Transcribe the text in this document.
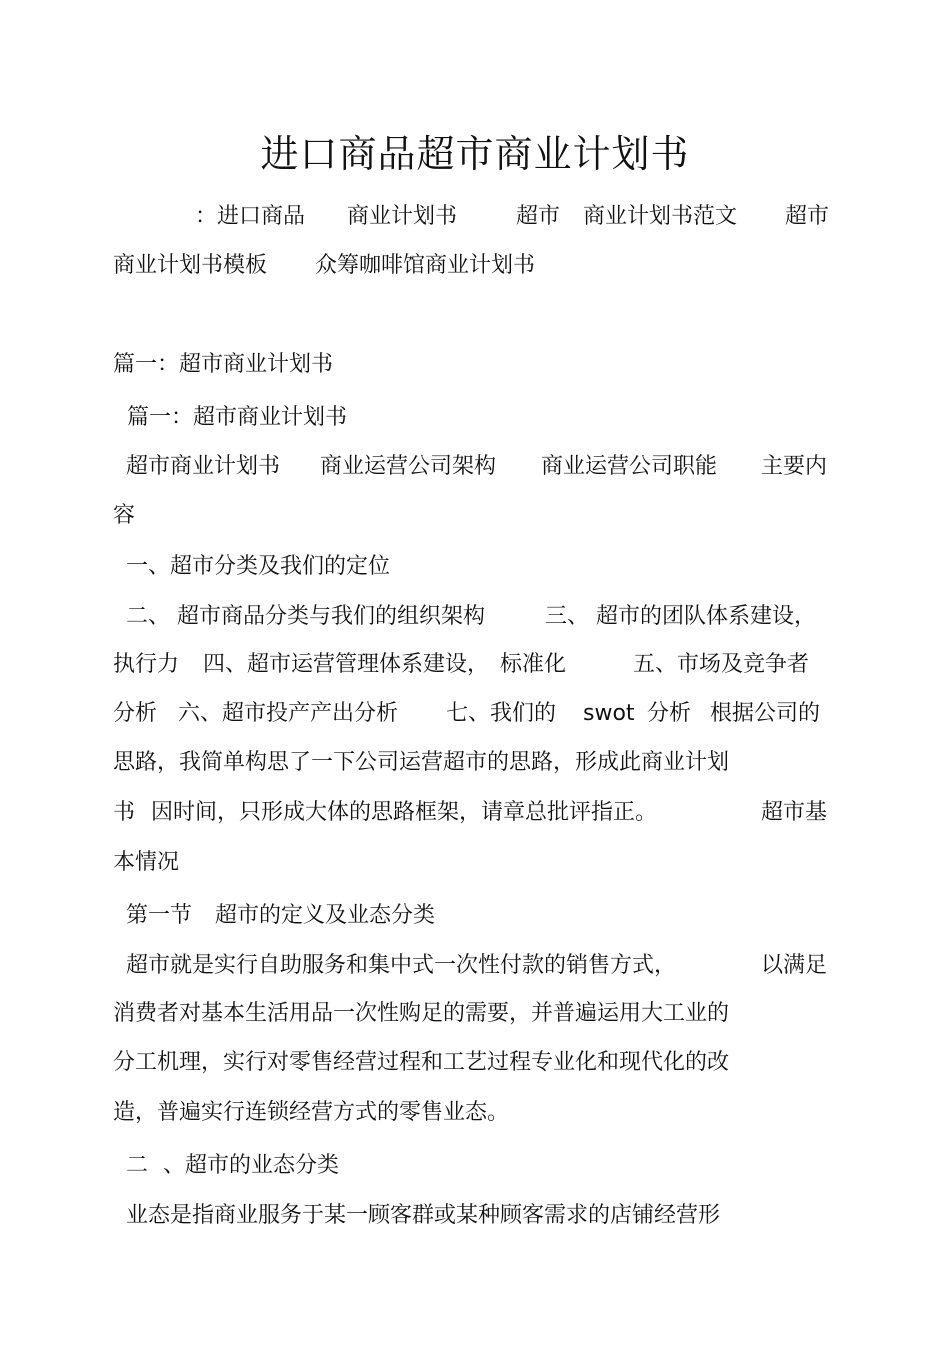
进口商品超市商业计划书
：进口商品 商业计划书	超市 商业计划书范文 超市
商业计划书模板 众筹咖啡馆商业计划书
篇一：超市商业计划书
篇一：超市商业计划书
超市商业计划书 商业运营公司架构 商业运营公司职能 主要内
容
一、超市分类及我们的定位
二、 超市商品分类与我们的组织架构	三、 超市的团队体系建设，
执行力 四、超市运营管理体系建设， 标准化	五、市场及竞争者
分析 六、超市投产产出分析 七、我们的 swot 分析 根据公司的
思路，我简单构思了一下公司运营超市的思路，形成此商业计划
书 因时间，只形成大体的思路框架，请章总批评指正。	超市基
本情况
第一节 超市的定义及业态分类
超市就是实行自助服务和集中式一次性付款的销售方式，	以满足
消费者对基本生活用品一次性购足的需要，并普遍运用大工业的
分工机理，实行对零售经营过程和工艺过程专业化和现代化的改
造，普遍实行连锁经营方式的零售业态。
二 、超市的业态分类
业态是指商业服务于某一顾客群或某种顾客需求的店铺经营形
